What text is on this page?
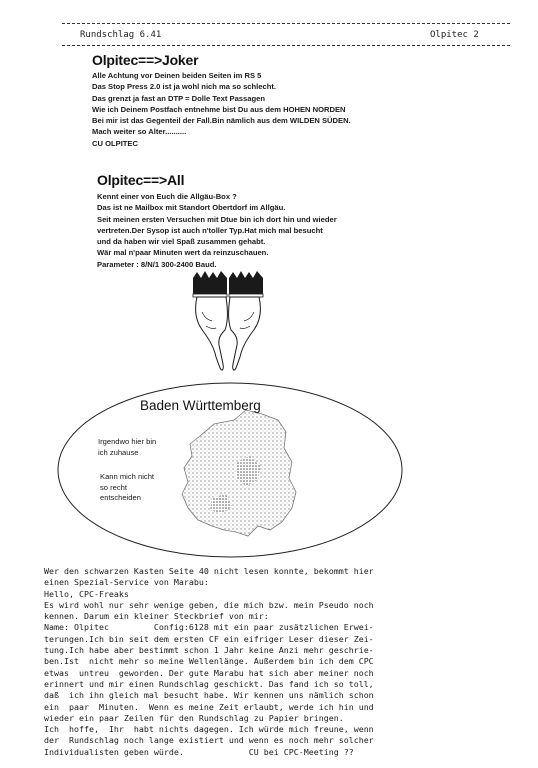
Rundschlag 6.41	Olpitec 2
Olpitec==>Joker
Alle Achtung vor Deinen beiden Seiten im RS 5
Das Stop Press 2.0 ist ja wohl nich ma so schlecht.
Das grenzt ja fast an DTP = Dolle Text Passagen
Wie ich Deinem Postfach entnehme bist Du aus dem HOHEN NORDEN
Bei mir ist das Gegenteil der Fall.Bin nämlich aus dem WILDEN SÜDEN.
Mach weiter so Alter..........
CU OLPITEC
Olpitec==>All
Kennt einer von Euch die Allgäu-Box ?
Das ist ne Mailbox mit Standort Obertdorf im Allgäu.
Seit meinen ersten Versuchen mit Dtue bin ich dort hin und wieder
vertreten.Der Sysop ist auch n'toller Typ.Hat mich mal besucht
und da haben wir viel Spaß zusammen gehabt.
Wär mal n'paar Minuten wert da reinzuschauen.
Parameter : 8/N/1 300-2400 Baud.
Baden Württemberg
Irgendwo hier bin
ich zuhause
Kann mich nicht
so recht
entscheiden
Wer den schwarzen Kasten Seite 40 nicht lesen konnte, bekommt hier
einen Spezial-Service von Marabu:
Hello, CPC-Freaks
Es wird wohl nur sehr wenige geben, die mich bzw. mein Pseudo noch
kennen. Darum ein kleiner Steckbrief von mir:
Name: Olpitec         Config:6128 mit ein paar zusätzlichen Erwei-
terungen.Ich bin seit dem ersten CF ein eifriger Leser dieser Zei-
tung.Ich habe aber bestimmt schon 1 Jahr keine Anzi mehr geschrie-
ben.Ist  nicht mehr so meine Wellenlänge. Außerdem bin ich dem CPC
etwas  untreu  geworden. Der gute Marabu hat sich aber meiner noch
erinnert und mir einen Rundschlag geschickt. Das fand ich so toll,
daß  ich ihn gleich mal besucht habe. Wir kennen uns nämlich schon
ein  paar  Minuten.  Wenn es meine Zeit erlaubt, werde ich hin und
wieder ein paar Zeilen für den Rundschlag zu Papier bringen.
Ich  hoffe,  Ihr  habt nichts dagegen. Ich würde mich freune, wenn
der  Rundschlag noch lange existiert und wenn es noch mehr solcher
Individualisten geben würde.             CU bei CPC-Meeting ??
